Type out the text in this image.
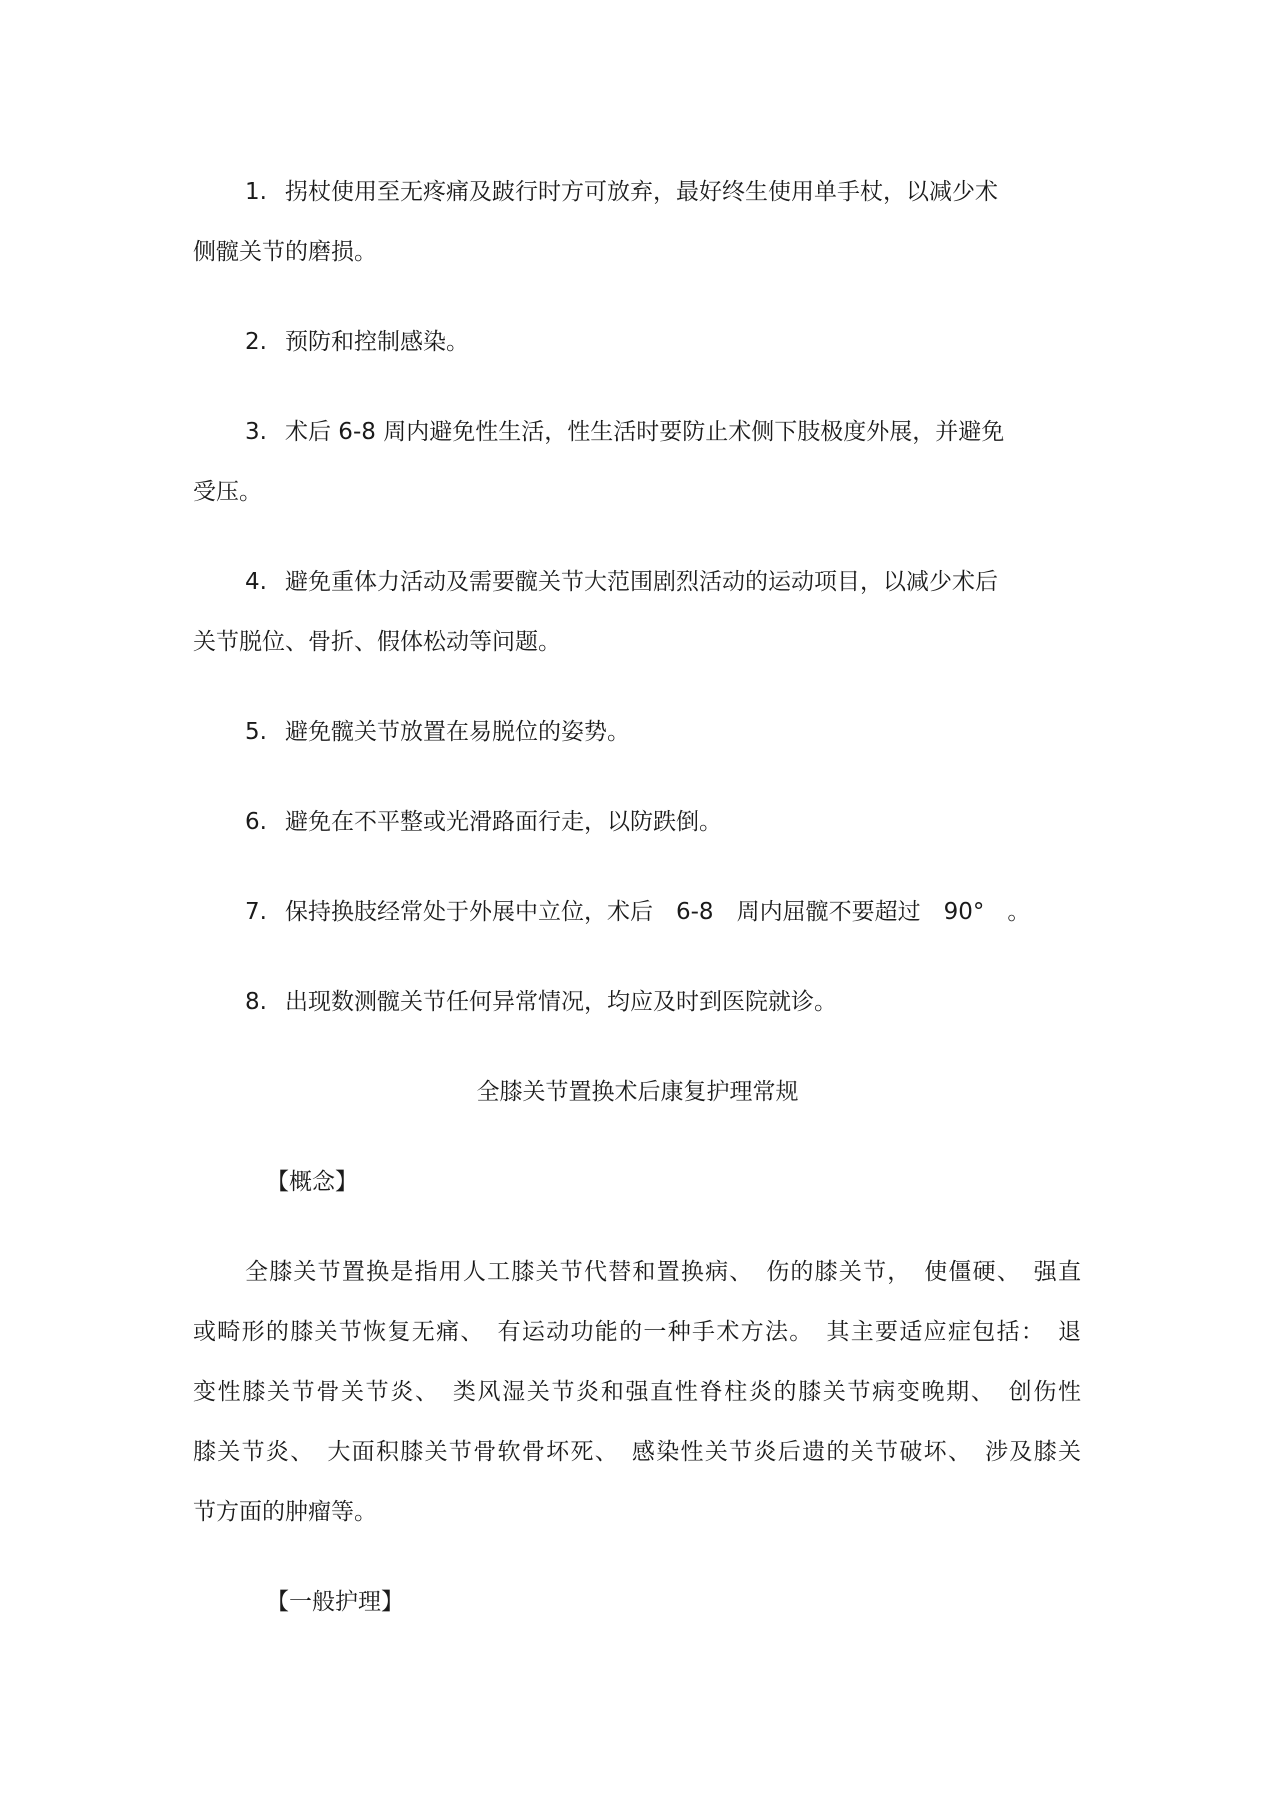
1. 拐杖使用至无疼痛及跛行时方可放弃，最好终生使用单手杖，以减少术
侧髋关节的磨损。
2. 预防和控制感染。
3. 术后 6-8 周内避免性生活，性生活时要防止术侧下肢极度外展，并避免
受压。
4. 避免重体力活动及需要髋关节大范围剧烈活动的运动项目，以减少术后
关节脱位、骨折、假体松动等问题。
5. 避免髋关节放置在易脱位的姿势。
6. 避免在不平整或光滑路面行走，以防跌倒。
7. 保持换肢经常处于外展中立位，术后　6-8　周内屈髋不要超过　90°　。
8. 出现数测髋关节任何异常情况，均应及时到医院就诊。
全膝关节置换术后康复护理常规
【概念】
全膝关节置换是指用人工膝关节代替和置换病、　伤的膝关节，　使僵硬、　强直
或畸形的膝关节恢复无痛、　有运动功能的一种手术方法。　其主要适应症包括：　退
变性膝关节骨关节炎、　类风湿关节炎和强直性脊柱炎的膝关节病变晚期、　创伤性
膝关节炎、　大面积膝关节骨软骨坏死、　感染性关节炎后遗的关节破坏、　涉及膝关
节方面的肿瘤等。
【一般护理】
